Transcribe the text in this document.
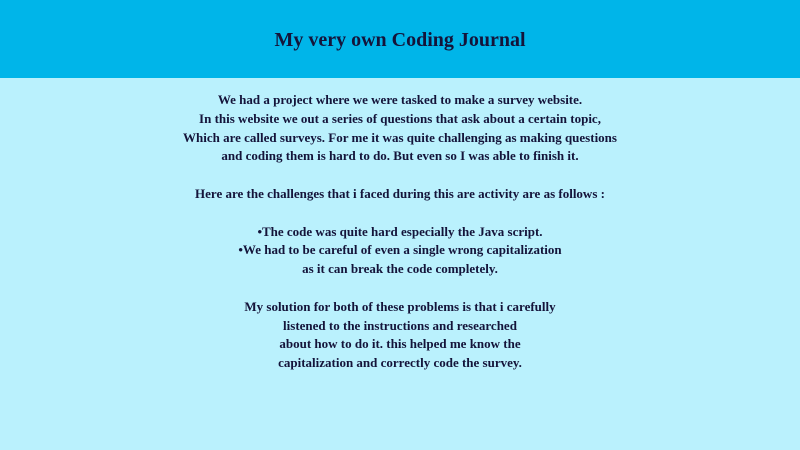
My very own Coding Journal
We had a project where we were tasked to make a survey website.
In this website we out a series of questions that ask about a certain topic,
Which are called surveys. For me it was quite challenging as making questions
and coding them is hard to do. But even so I was able to finish it.
Here are the challenges that i faced during this are activity are as follows :
•The code was quite hard especially the Java script.
•We had to be careful of even a single wrong capitalization
as it can break the code completely.
My solution for both of these problems is that i carefully
listened to the instructions and researched
about how to do it. this helped me know the
capitalization and correctly code the survey.
